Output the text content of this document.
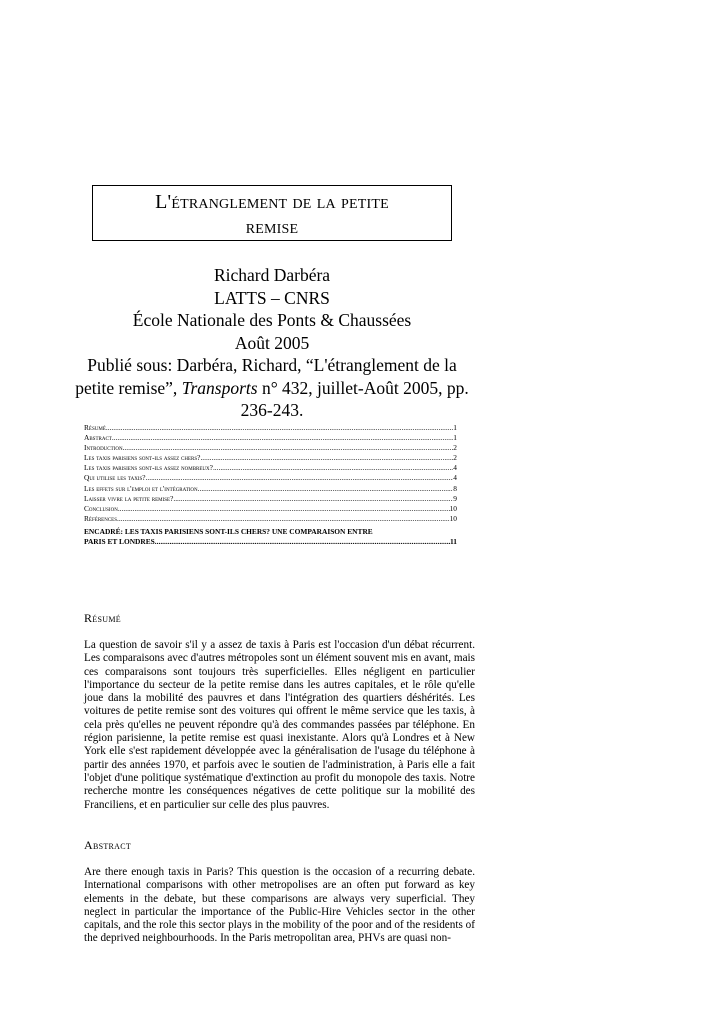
L'étranglement de la petite
remise
Richard Darbéra
LATTS – CNRS
École Nationale des Ponts & Chaussées
Août 2005
Publié sous: Darbéra, Richard, “L'étranglement de la petite remise”, Transports n° 432, juillet-Août 2005, pp. 236-243.
Résumé .....	1
Abstract .....	1
Introduction .....	2
Les taxis parisiens sont-ils assez chers? .....	2
Les taxis parisiens sont-ils assez nombreux? .....	4
Qui utilise les taxis? .....	4
Les effets sur l'emploi et l'intégration .....	8
Laisser vivre la petite remise? .....	9
Conclusion .....	10
Références .....	10
ENCADRÉ: LES TAXIS PARISIENS SONT-ILS CHERS? UNE COMPARAISON ENTRE
PARIS ET LONDRES .....	11
Résumé
La question de savoir s'il y a assez de taxis à Paris est l'occasion d'un débat récurrent. Les comparaisons avec d'autres métropoles sont un élément souvent mis en avant, mais ces comparaisons sont toujours très superficielles. Elles négligent en particulier l'importance du secteur de la petite remise dans les autres capitales, et le rôle qu'elle joue dans la mobilité des pauvres et dans l'intégration des quartiers déshérités. Les voitures de petite remise sont des voitures qui offrent le même service que les taxis, à cela près qu'elles ne peuvent répondre qu'à des commandes passées par téléphone. En région parisienne, la petite remise est quasi inexistante. Alors qu'à Londres et à New York elle s'est rapidement développée avec la généralisation de l'usage du téléphone à partir des années 1970, et parfois avec le soutien de l'administration, à Paris elle a fait l'objet d'une politique systématique d'extinction au profit du monopole des taxis. Notre recherche montre les conséquences négatives de cette politique sur la mobilité des Franciliens, et en particulier sur celle des plus pauvres.
Abstract
Are there enough taxis in Paris? This question is the occasion of a recurring debate. International comparisons with other metropolises are an often put forward as key elements in the debate, but these comparisons are always very superficial. They neglect in particular the importance of the Public-Hire Vehicles sector in the other capitals, and the role this sector plays in the mobility of the poor and of the residents of the deprived neighbourhoods. In the Paris metropolitan area, PHVs are quasi non-
